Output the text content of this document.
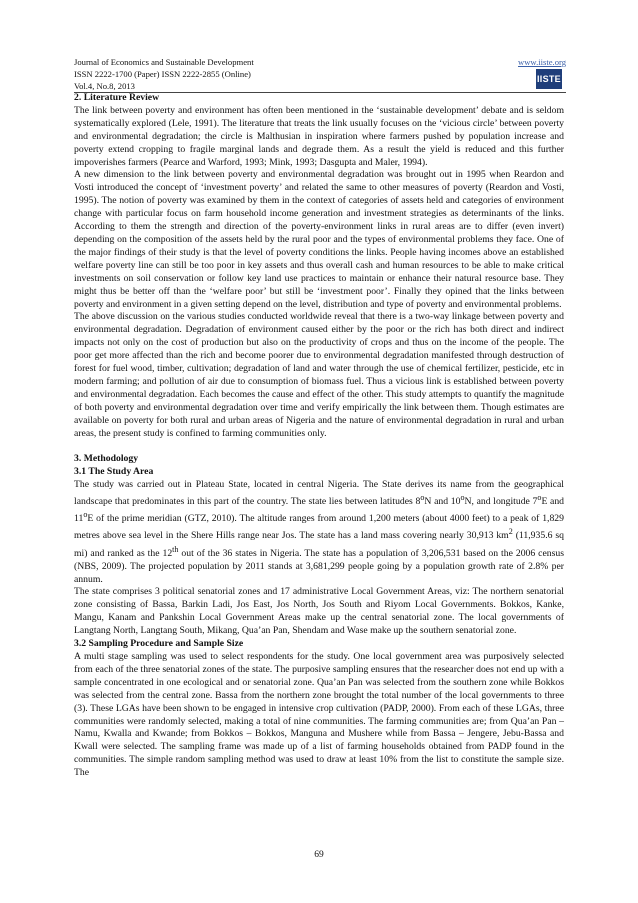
Journal of Economics and Sustainable Development
ISSN 2222-1700 (Paper) ISSN 2222-2855 (Online)
Vol.4, No.8, 2013
www.iiste.org
IISTE

2. Literature Review

The link between poverty and environment has often been mentioned in the ‘sustainable development’ debate and is seldom systematically explored (Lele, 1991). The literature that treats the link usually focuses on the ‘vicious circle’ between poverty and environmental degradation; the circle is Malthusian in inspiration where farmers pushed by population increase and poverty extend cropping to fragile marginal lands and degrade them. As a result the yield is reduced and this further impoverishes farmers (Pearce and Warford, 1993; Mink, 1993; Dasgupta and Maler, 1994).

A new dimension to the link between poverty and environmental degradation was brought out in 1995 when Reardon and Vosti introduced the concept of ‘investment poverty’ and related the same to other measures of poverty (Reardon and Vosti, 1995). The notion of poverty was examined by them in the context of categories of assets held and categories of environment change with particular focus on farm household income generation and investment strategies as determinants of the links. According to them the strength and direction of the poverty-environment links in rural areas are to differ (even invert) depending on the composition of the assets held by the rural poor and the types of environmental problems they face. One of the major findings of their study is that the level of poverty conditions the links. People having incomes above an established welfare poverty line can still be too poor in key assets and thus overall cash and human resources to be able to make critical investments on soil conservation or follow key land use practices to maintain or enhance their natural resource base. They might thus be better off than the ‘welfare poor’ but still be ‘investment poor’. Finally they opined that the links between poverty and environment in a given setting depend on the level, distribution and type of poverty and environmental problems.

The above discussion on the various studies conducted worldwide reveal that there is a two-way linkage between poverty and environmental degradation. Degradation of environment caused either by the poor or the rich has both direct and indirect impacts not only on the cost of production but also on the productivity of crops and thus on the income of the people. The poor get more affected than the rich and become poorer due to environmental degradation manifested through destruction of forest for fuel wood, timber, cultivation; degradation of land and water through the use of chemical fertilizer, pesticide, etc in modern farming; and pollution of air due to consumption of biomass fuel. Thus a vicious link is established between poverty and environmental degradation. Each becomes the cause and effect of the other. This study attempts to quantify the magnitude of both poverty and environmental degradation over time and verify empirically the link between them. Though estimates are available on poverty for both rural and urban areas of Nigeria and the nature of environmental degradation in rural and urban areas, the present study is confined to farming communities only.

3. Methodology

3.1 The Study Area

The study was carried out in Plateau State, located in central Nigeria. The State derives its name from the geographical landscape that predominates in this part of the country. The state lies between latitudes 8$^o$N and 10$^o$N, and longitude 7$^o$E and 11$^o$E of the prime meridian (GTZ, 2010). The altitude ranges from around 1,200 meters (about 4000 feet) to a peak of 1,829 metres above sea level in the Shere Hills range near Jos. The state has a land mass covering nearly 30,913 $km^2$ (11,935.6 sq mi) and ranked as the 12th out of the 36 states in Nigeria. The state has a population of 3,206,531 based on the 2006 census (NBS, 2009). The projected population by 2011 stands at 3,681,299 people going by a population growth rate of 2.8% per annum.

The state comprises 3 political senatorial zones and 17 administrative Local Government Areas, viz: The northern senatorial zone consisting of Bassa, Barkin Ladi, Jos East, Jos North, Jos South and Riyom Local Governments. Bokkos, Kanke, Mangu, Kanam and Pankshin Local Government Areas make up the central senatorial zone. The local governments of Langtang North, Langtang South, Mikang, Qua’an Pan, Shendam and Wase make up the southern senatorial zone.

3.2 Sampling Procedure and Sample Size

A multi stage sampling was used to select respondents for the study. One local government area was purposively selected from each of the three senatorial zones of the state. The purposive sampling ensures that the researcher does not end up with a sample concentrated in one ecological and or senatorial zone. Qua’an Pan was selected from the southern zone while Bokkos was selected from the central zone. Bassa from the northern zone brought the total number of the local governments to three (3). These LGAs have been shown to be engaged in intensive crop cultivation (PADP, 2000). From each of these LGAs, three communities were randomly selected, making a total of nine communities. The farming communities are; from Qua’an Pan – Namu, Kwalla and Kwande; from Bokkos – Bokkos, Manguna and Mushere while from Bassa – Jengere, Jebu-Bassa and Kwall were selected. The sampling frame was made up of a list of farming households obtained from PADP found in the communities. The simple random sampling method was used to draw at least 10% from the list to constitute the sample size. The

69
